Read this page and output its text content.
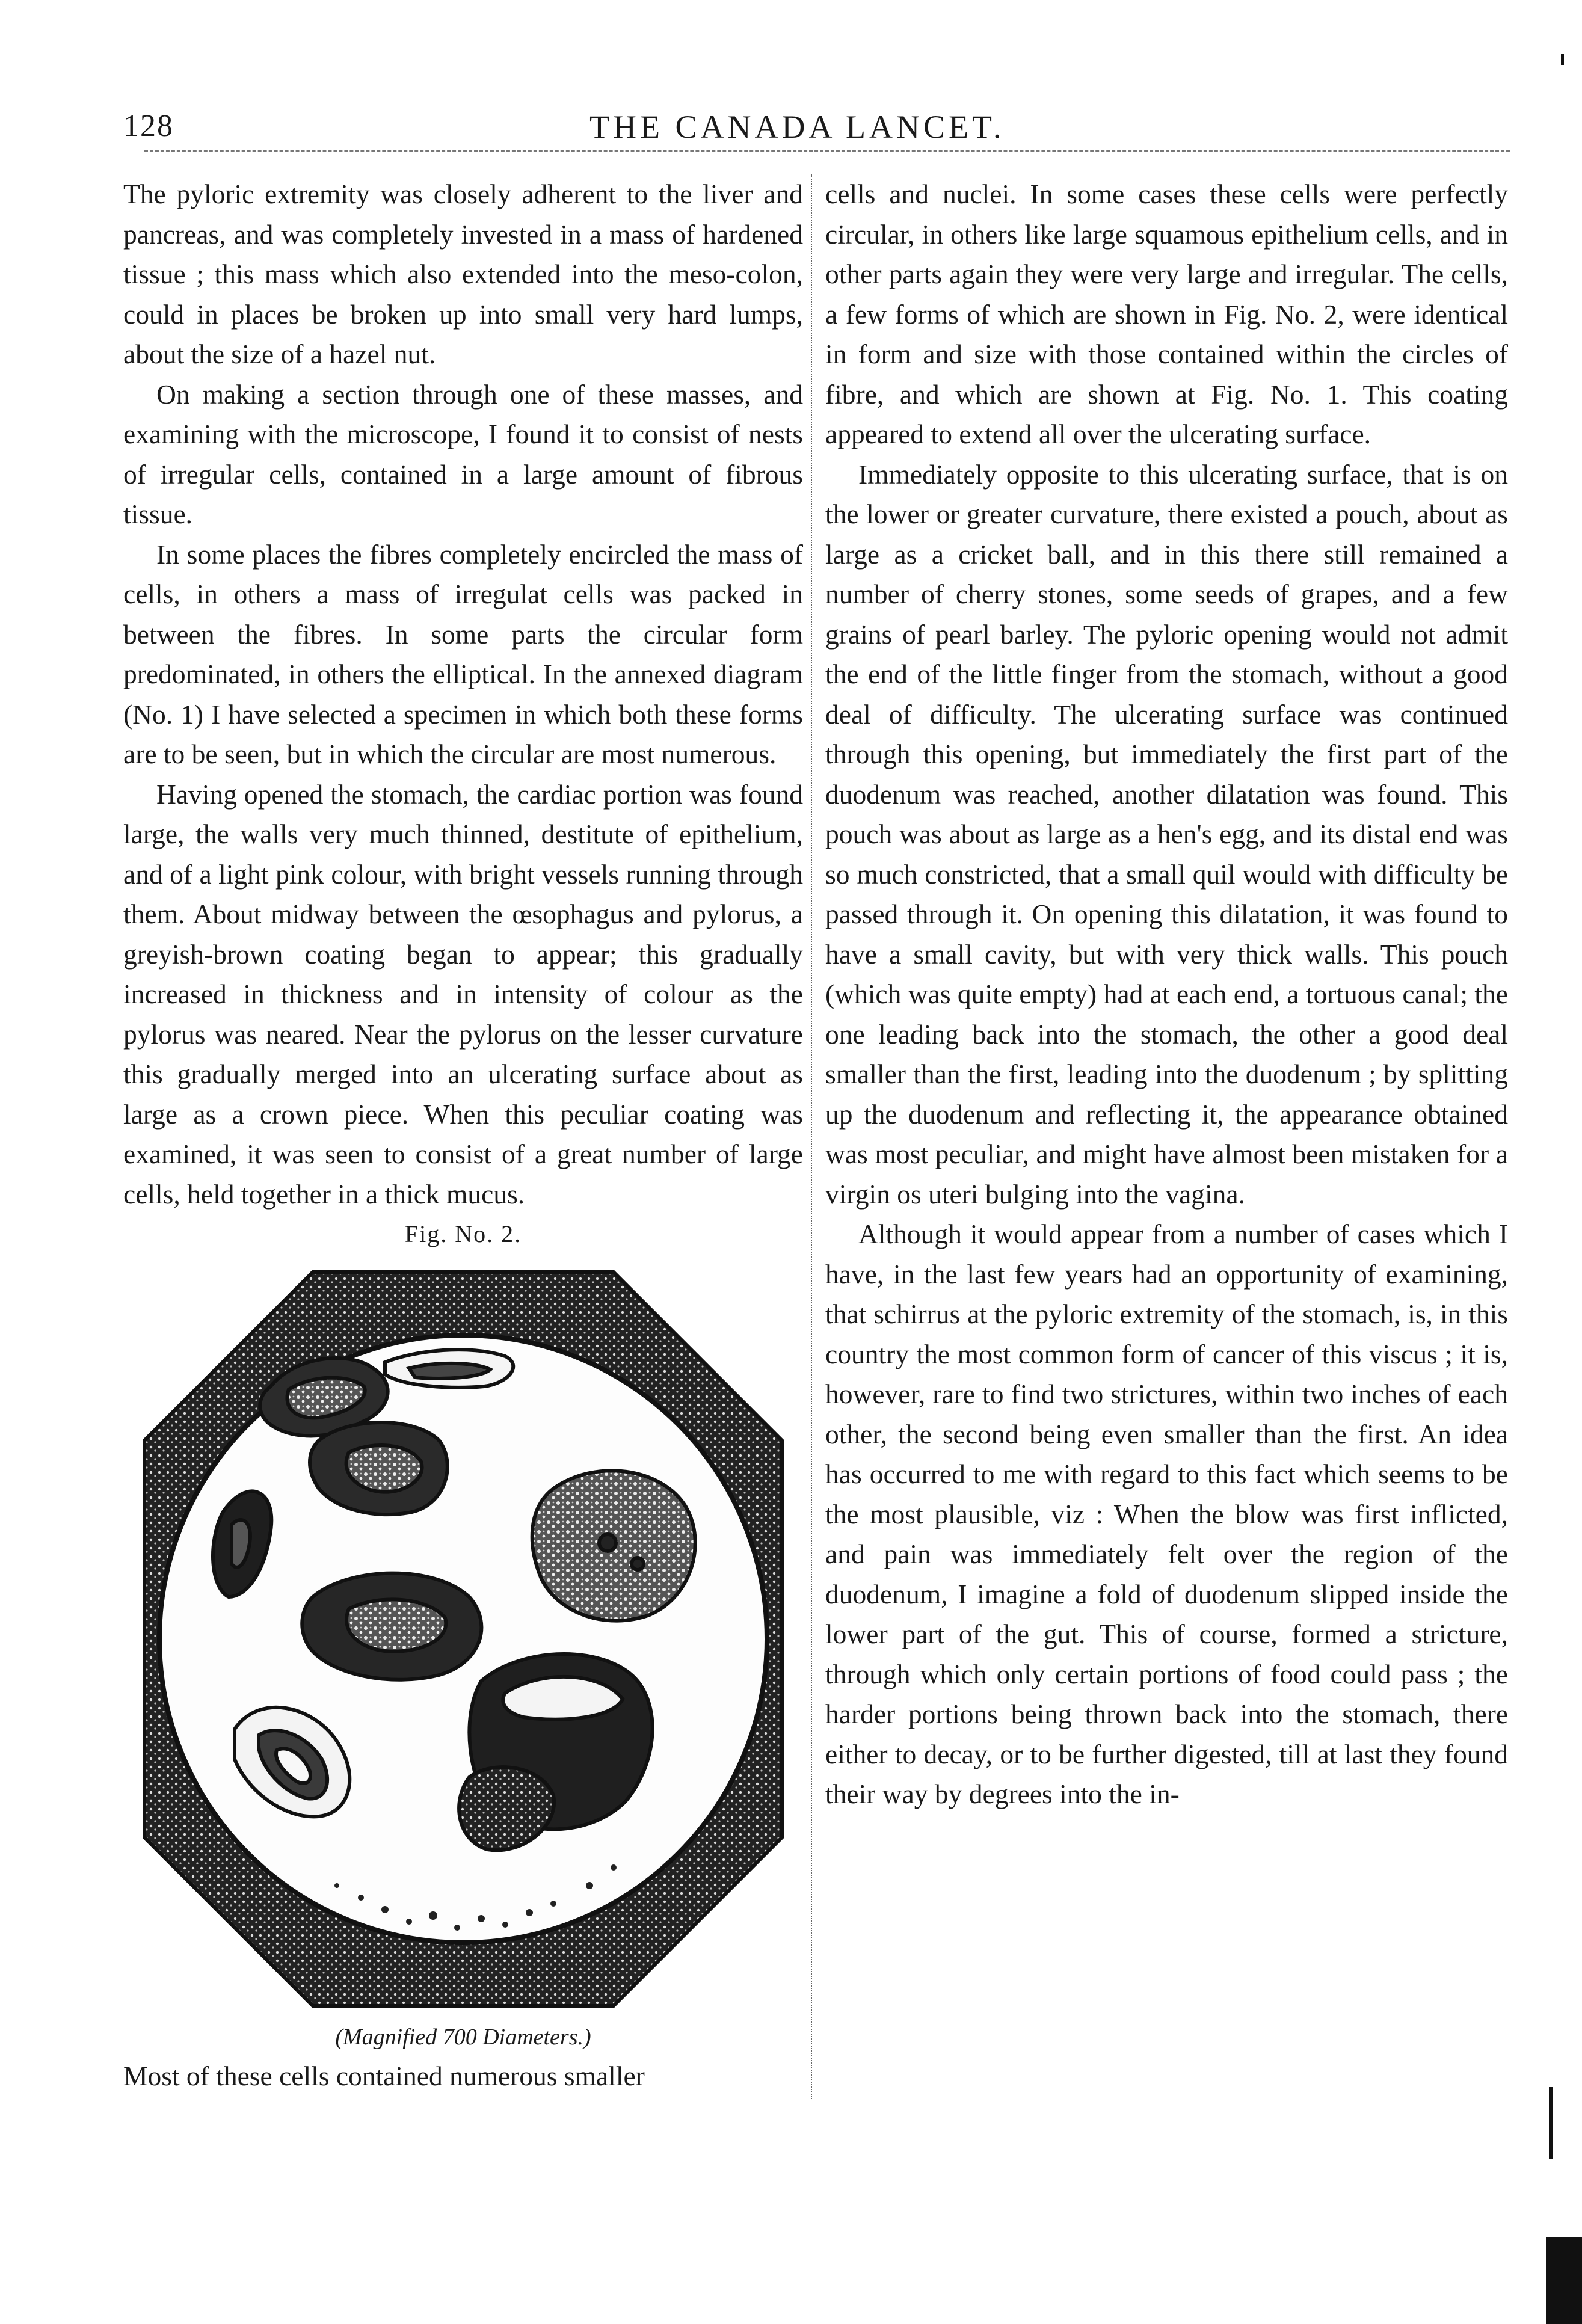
128	THE CANADA LANCET.

The pyloric extremity was closely adherent to the liver and pancreas, and was completely invested in a mass of hardened tissue ; this mass which also extended into the meso-colon, could in places be broken up into small very hard lumps, about the size of a hazel nut.

On making a section through one of these masses, and examining with the microscope, I found it to consist of nests of irregular cells, contained in a large amount of fibrous tissue.

In some places the fibres completely encircled the mass of cells, in others a mass of irregulat cells was packed in between the fibres. In some parts the circular form predominated, in others the elliptical. In the annexed diagram (No. 1) I have selected a specimen in which both these forms are to be seen, but in which the circular are most numerous.

Having opened the stomach, the cardiac portion was found large, the walls very much thinned, destitute of epithelium, and of a light pink colour, with bright vessels running through them. About midway between the œsophagus and pylorus, a greyish-brown coating began to appear; this gradually increased in thickness and in intensity of colour as the pylorus was neared. Near the pylorus on the lesser curvature this gradually merged into an ulcerating surface about as large as a crown piece. When this peculiar coating was examined, it was seen to consist of a great number of large cells, held together in a thick mucus.

Fig. No. 2.

(Magnified 700 Diameters.)

Most of these cells contained numerous smaller

cells and nuclei. In some cases these cells were perfectly circular, in others like large squamous epithelium cells, and in other parts again they were very large and irregular. The cells, a few forms of which are shown in Fig. No. 2, were identical in form and size with those contained within the circles of fibre, and which are shown at Fig. No. 1. This coating appeared to extend all over the ulcerating surface.

Immediately opposite to this ulcerating surface, that is on the lower or greater curvature, there existed a pouch, about as large as a cricket ball, and in this there still remained a number of cherry stones, some seeds of grapes, and a few grains of pearl barley. The pyloric opening would not admit the end of the little finger from the stomach, without a good deal of difficulty. The ulcerating surface was continued through this opening, but immediately the first part of the duodenum was reached, another dilatation was found. This pouch was about as large as a hen's egg, and its distal end was so much constricted, that a small quil would with difficulty be passed through it. On opening this dilatation, it was found to have a small cavity, but with very thick walls. This pouch (which was quite empty) had at each end, a tortuous canal; the one leading back into the stomach, the other a good deal smaller than the first, leading into the duodenum ; by splitting up the duodenum and reflecting it, the appearance obtained was most peculiar, and might have almost been mistaken for a virgin os uteri bulging into the vagina.

Although it would appear from a number of cases which I have, in the last few years had an opportunity of examining, that schirrus at the pyloric extremity of the stomach, is, in this country the most common form of cancer of this viscus ; it is, however, rare to find two strictures, within two inches of each other, the second being even smaller than the first. An idea has occurred to me with regard to this fact which seems to be the most plausible, viz : When the blow was first inflicted, and pain was immediately felt over the region of the duodenum, I imagine a fold of duodenum slipped inside the lower part of the gut. This of course, formed a stricture, through which only certain portions of food could pass ; the harder portions being thrown back into the stomach, there either to decay, or to be further digested, till at last they found their way by degrees into the in-
